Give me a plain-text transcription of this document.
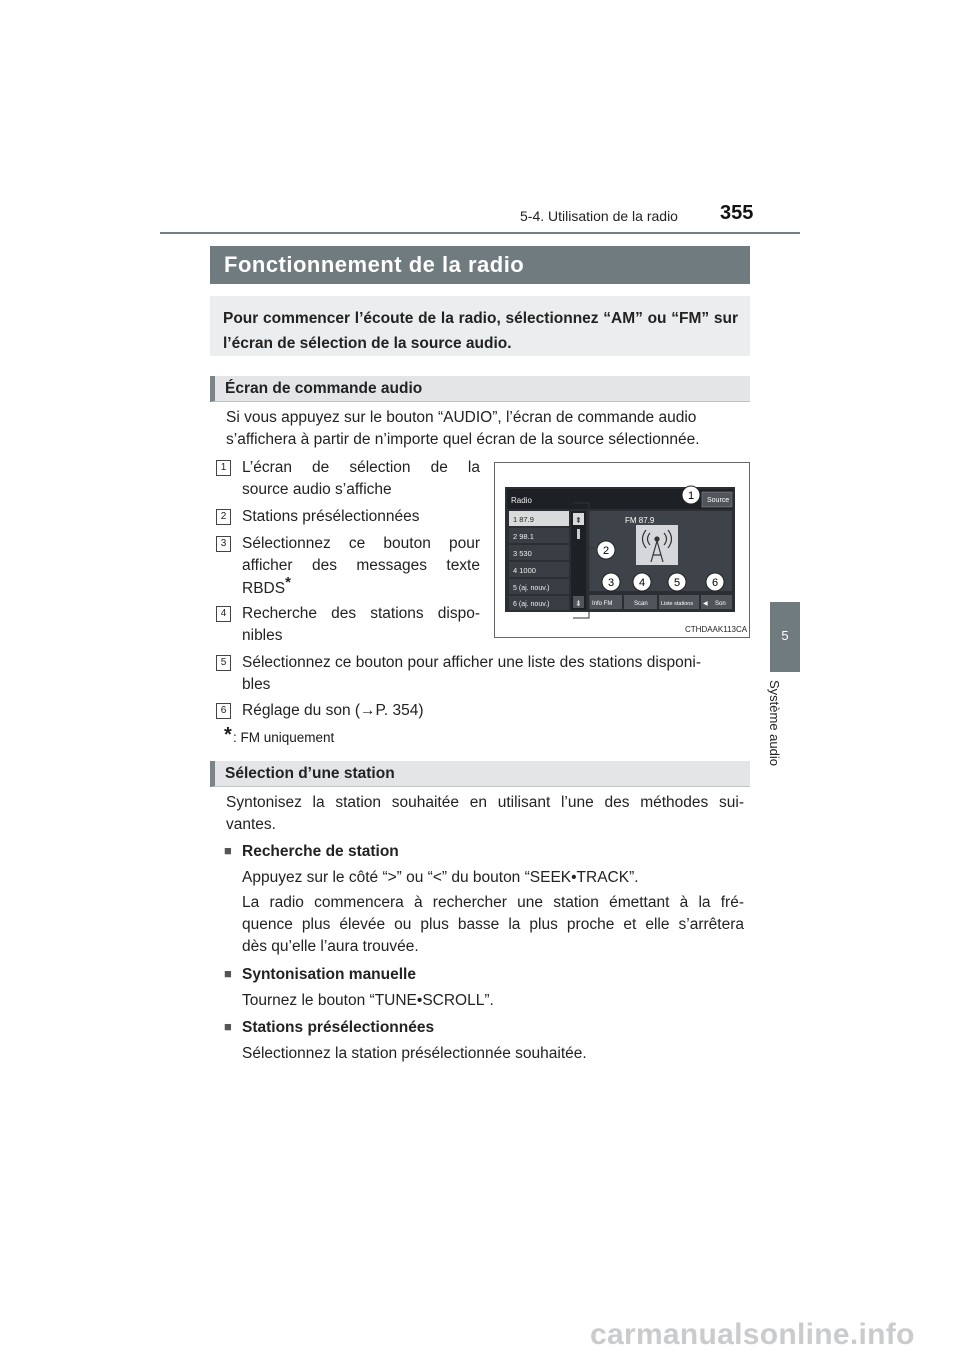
5-4. Utilisation de la radio 355
5
Système audio
Fonctionnement de la radio

Pour commencer l’écoute de la radio, sélectionnez “AM” ou “FM” sur l’écran de sélection de la source audio.

Écran de commande audio
Si vous appuyez sur le bouton “AUDIO”, l’écran de commande audio
s’affichera à partir de n’importe quel écran de la source sélectionnée.
1	L’écran de sélection de la
source audio s’affiche
2	Stations présélectionnées
3	Sélectionnez ce bouton pour
afficher des messages texte
RBDS*
4	Recherche des stations dispo-
nibles
5	Sélectionnez ce bouton pour afficher une liste des stations disponi-
bles
6	Réglage du son (→P. 354)
* : FM uniquement
Radio	Source
1 87.9
2 98.1
3 530
4 1000
5 (aj. nouv.)
6 (aj. nouv.)
⇞
⇟
FM 87.9
Info FM	Scan Liste stations ◀ Son
1
2
3 4	5	6
CTHDAAK113CA
Sélection d’une station
Syntonisez la station souhaitée en utilisant l’une des méthodes sui-
vantes.
■ Recherche de station
Appuyez sur le côté “>” ou “<” du bouton “SEEK•TRACK”.
La radio commencera à rechercher une station émettant à la fré-
quence plus élevée ou plus basse la plus proche et elle s’arrêtera
dès qu’elle l’aura trouvée.
■ Syntonisation manuelle
Tournez le bouton “TUNE•SCROLL”.
■ Stations présélectionnées
Sélectionnez la station présélectionnée souhaitée.
carmanualsonline.info
